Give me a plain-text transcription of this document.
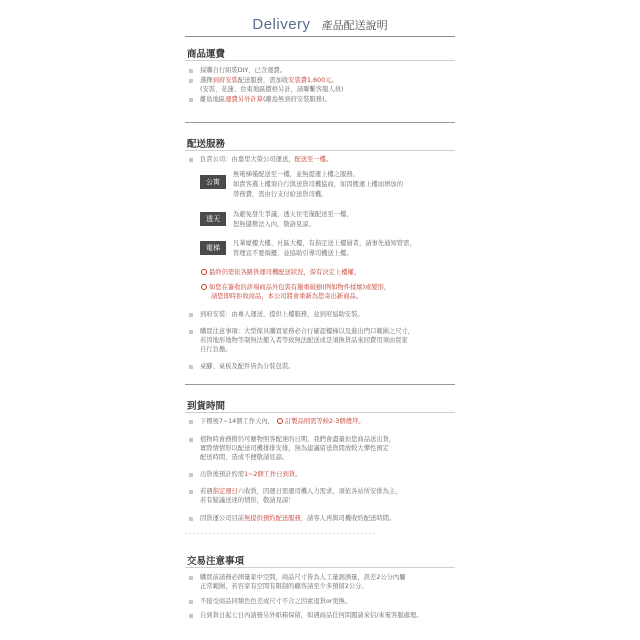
Delivery 產品配送說明
商品運費
採購自行組裝DIY，已含運費。
選擇到府安裝配送服務，需加收安裝費1,600元。
(安裝、花蓮、台東地區價格另計，請聯繫客服人員)
離島地區運費另外計算(離島無到府安裝服務)。
配送服務
負責公司：由嘉里大榮公司運送，配送至一樓。
公寓
無電梯僅配送至一樓，並無提運上樓之服務。
如貴客選上樓須自行與送貨司機協商，如因搬運上樓而增加的
勞務費，需由行支付給送貨司機。
透天
為避免發生爭議，透天住宅僅配送至一樓，
恕無儲撥法入內，敬請見諒。
電梯
凡華廈樓大樓、社區大樓，有指定送上樓層者，請事先通知管需，
管理宣不要煩擾，並協助引導司機送上樓。
最終仍需依各路貨運司機配送狀況，保有決定上樓權。
如您在簽收的診場商品外包裝有嚴重破損(例如物件揉壞)或變形，
請您即時拒收商品，本公司將會重新為您寄出新商品。
到府安裝：由專人運送，提供上樓服務，並到府協助安裝。
購買注意事項：大型傢具購買家務必合行確認樓梯以及進出門口範圍之尺寸，
若因地形地物等制無法搬入者等致無法配送或是須換貨品來回費用須由買家
自行負擔。
桌腳、桌板及配件皆為分裝包裝。
到貨時間
下標後7~14個工作天內， 訂製品則需等候2-3個禮拜。
植物時會務撥仍可塵物照客配達的日期，我們會盡量但您商品送出貨，
實際情情形以配送司機排排安排，無為建議留送貨間放較大彈性預定
配送時間，造成不便敬請見諒。
出貨後預計約需1~2個工作日到貨。
若遇指定週日六收貨，因週日需運司機人力需求，須依各站所安排為主，
若有疑議送達的情形，敬請見諒！
因貨運公司目前無提供預約配送服務，請客人再與司機收約配送時間。
交易注意事項
購買前請務必測量家中空間，商品尺寸皆為人工量測測量，誤差2公分內屬
正常範圍，若容家有空間有限制的顧客請至少多預留2公分。
不接受商品同類色色差或尺寸不合之因素退貨or更換。
自到貨日起七日內請務另外紙箱保留，如遇商品任何問題請來信/來電客服處理。
